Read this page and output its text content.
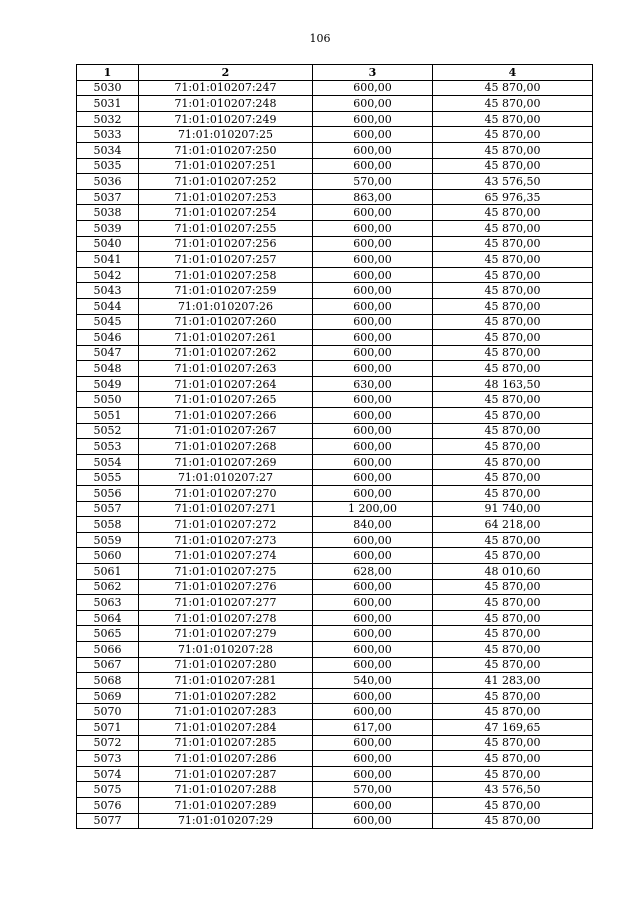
106
1	2	3	4
5030	71:01:010207:247	600,00	45 870,00
5031	71:01:010207:248	600,00	45 870,00
5032	71:01:010207:249	600,00	45 870,00
5033	71:01:010207:25	600,00	45 870,00
5034	71:01:010207:250	600,00	45 870,00
5035	71:01:010207:251	600,00	45 870,00
5036	71:01:010207:252	570,00	43 576,50
5037	71:01:010207:253	863,00	65 976,35
5038	71:01:010207:254	600,00	45 870,00
5039	71:01:010207:255	600,00	45 870,00
5040	71:01:010207:256	600,00	45 870,00
5041	71:01:010207:257	600,00	45 870,00
5042	71:01:010207:258	600,00	45 870,00
5043	71:01:010207:259	600,00	45 870,00
5044	71:01:010207:26	600,00	45 870,00
5045	71:01:010207:260	600,00	45 870,00
5046	71:01:010207:261	600,00	45 870,00
5047	71:01:010207:262	600,00	45 870,00
5048	71:01:010207:263	600,00	45 870,00
5049	71:01:010207:264	630,00	48 163,50
5050	71:01:010207:265	600,00	45 870,00
5051	71:01:010207:266	600,00	45 870,00
5052	71:01:010207:267	600,00	45 870,00
5053	71:01:010207:268	600,00	45 870,00
5054	71:01:010207:269	600,00	45 870,00
5055	71:01:010207:27	600,00	45 870,00
5056	71:01:010207:270	600,00	45 870,00
5057	71:01:010207:271	1 200,00	91 740,00
5058	71:01:010207:272	840,00	64 218,00
5059	71:01:010207:273	600,00	45 870,00
5060	71:01:010207:274	600,00	45 870,00
5061	71:01:010207:275	628,00	48 010,60
5062	71:01:010207:276	600,00	45 870,00
5063	71:01:010207:277	600,00	45 870,00
5064	71:01:010207:278	600,00	45 870,00
5065	71:01:010207:279	600,00	45 870,00
5066	71:01:010207:28	600,00	45 870,00
5067	71:01:010207:280	600,00	45 870,00
5068	71:01:010207:281	540,00	41 283,00
5069	71:01:010207:282	600,00	45 870,00
5070	71:01:010207:283	600,00	45 870,00
5071	71:01:010207:284	617,00	47 169,65
5072	71:01:010207:285	600,00	45 870,00
5073	71:01:010207:286	600,00	45 870,00
5074	71:01:010207:287	600,00	45 870,00
5075	71:01:010207:288	570,00	43 576,50
5076	71:01:010207:289	600,00	45 870,00
5077	71:01:010207:29	600,00	45 870,00
